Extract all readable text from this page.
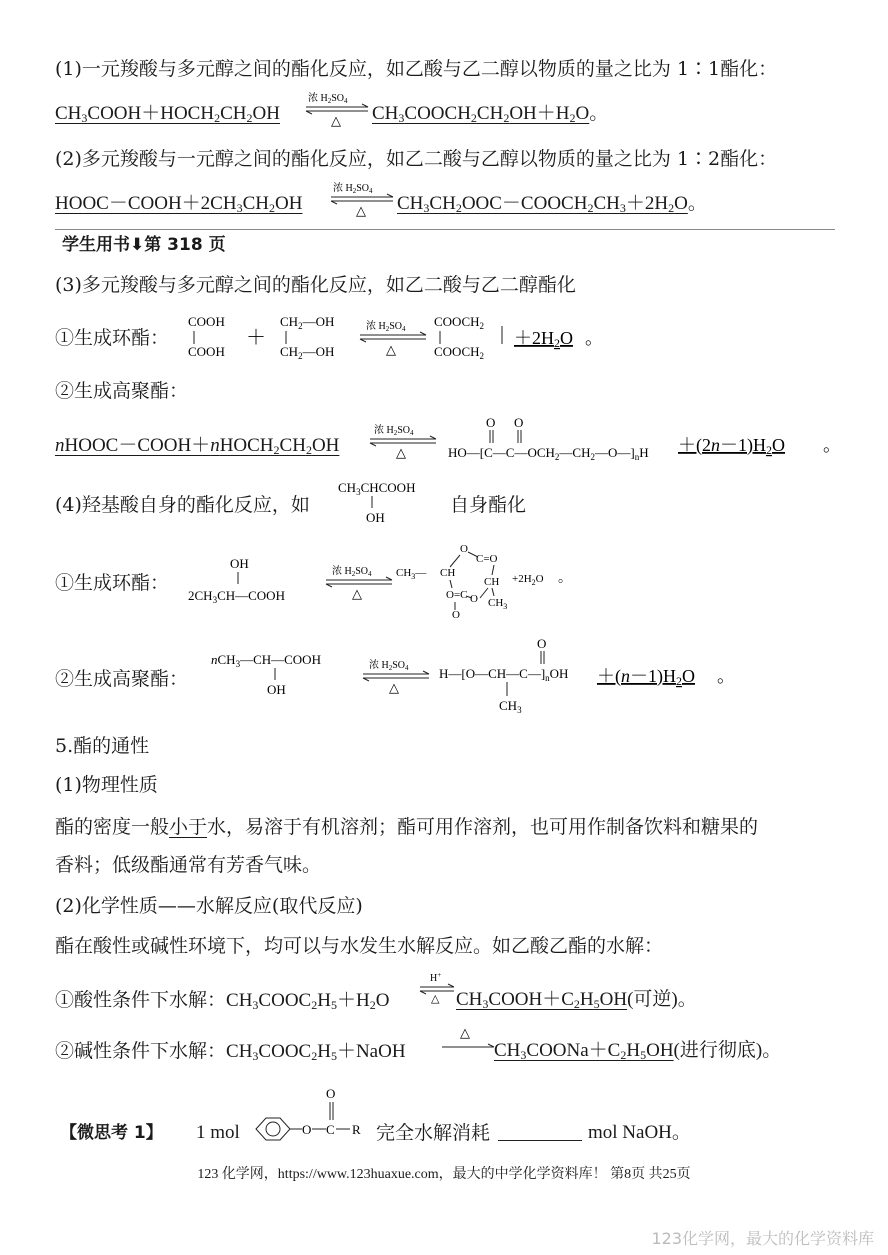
(1)一元羧酸与多元醇之间的酯化反应，如乙酸与乙二醇以物质的量之比为 1∶1酯化：
$CH_3COOH+HOCH_2CH_2OH$
浓 $H_2SO_4$
△ $CH_3COOCH_2CH_2OH+H_2O$。
(2)多元羧酸与一元醇之间的酯化反应，如乙二酸与乙醇以物质的量之比为 1∶2酯化：
$HOOC-COOH+2CH_3CH_2OH$
浓 $H_2SO_4$
△ $CH_3CH_2OOC-COOCH_2CH_3+2H_2O$。
学生用书⬇第 318 页
(3)多元羧酸与多元醇之间的酯化反应，如乙二酸与乙二醇酯化
①生成环酯：
COOH
COOH
＋
$CH_2—OH$
$CH_2—OH$
浓 $H_2SO_4$
△
$COOCH_2$
$COOCH_2$
＋2H2O 。
②生成高聚酯：
$nHOOC-COOH+nHOCH_2CH_2OH$
浓 $H_2SO_4$
△
O O
$HO—[C—C—OCH_2—CH_2—O—]_nH +(2n-1)H2O$ 。
(4)羟基酸自身的酯化反应，如
$CH_3CHCOOH$
OH
自身酯化
①生成环酯：
OH
$2CH_3CH—COOH$
浓 $H_2SO_4$
△
$CH_3—$
O
C=O
CH
CH
O=C O $CH_3$
O
$+2H_2O$ 。
②生成高聚酯：
nCH$_3$—CH—COOH
OH
浓 $H_2SO_4$
△
O
$H—[O—CH—C—]_nOH$
$CH_3$
＋(n－1)H2O 。
5.酯的通性
(1)物理性质
酯的密度一般小于水，易溶于有机溶剂；酯可用作溶剂，也可用作制备饮料和糖果的
香料；低级酯通常有芳香气味。
(2)化学性质——水解反应(取代反应)
酯在酸性或碱性环境下，均可以与水发生水解反应。如乙酸乙酯的水解：
①酸性条件下水解：$CH_3COOC_2H_5+H_2O$
H+
△ $CH_3COOH+C_2H_5OH$(可逆)。
②碱性条件下水解：$CH_3COOC_2H_5+NaOH$
△
$CH_3COONa+C_2H_5OH$(进行彻底)。
【微思考 1】 1 mol	O C
O
R 完全水解消耗	mol NaOH。
123 化学网，https://www.123huaxue.com，最大的中学化学资料库！ 第8页 共25页
123化学网，最大的化学资料库
